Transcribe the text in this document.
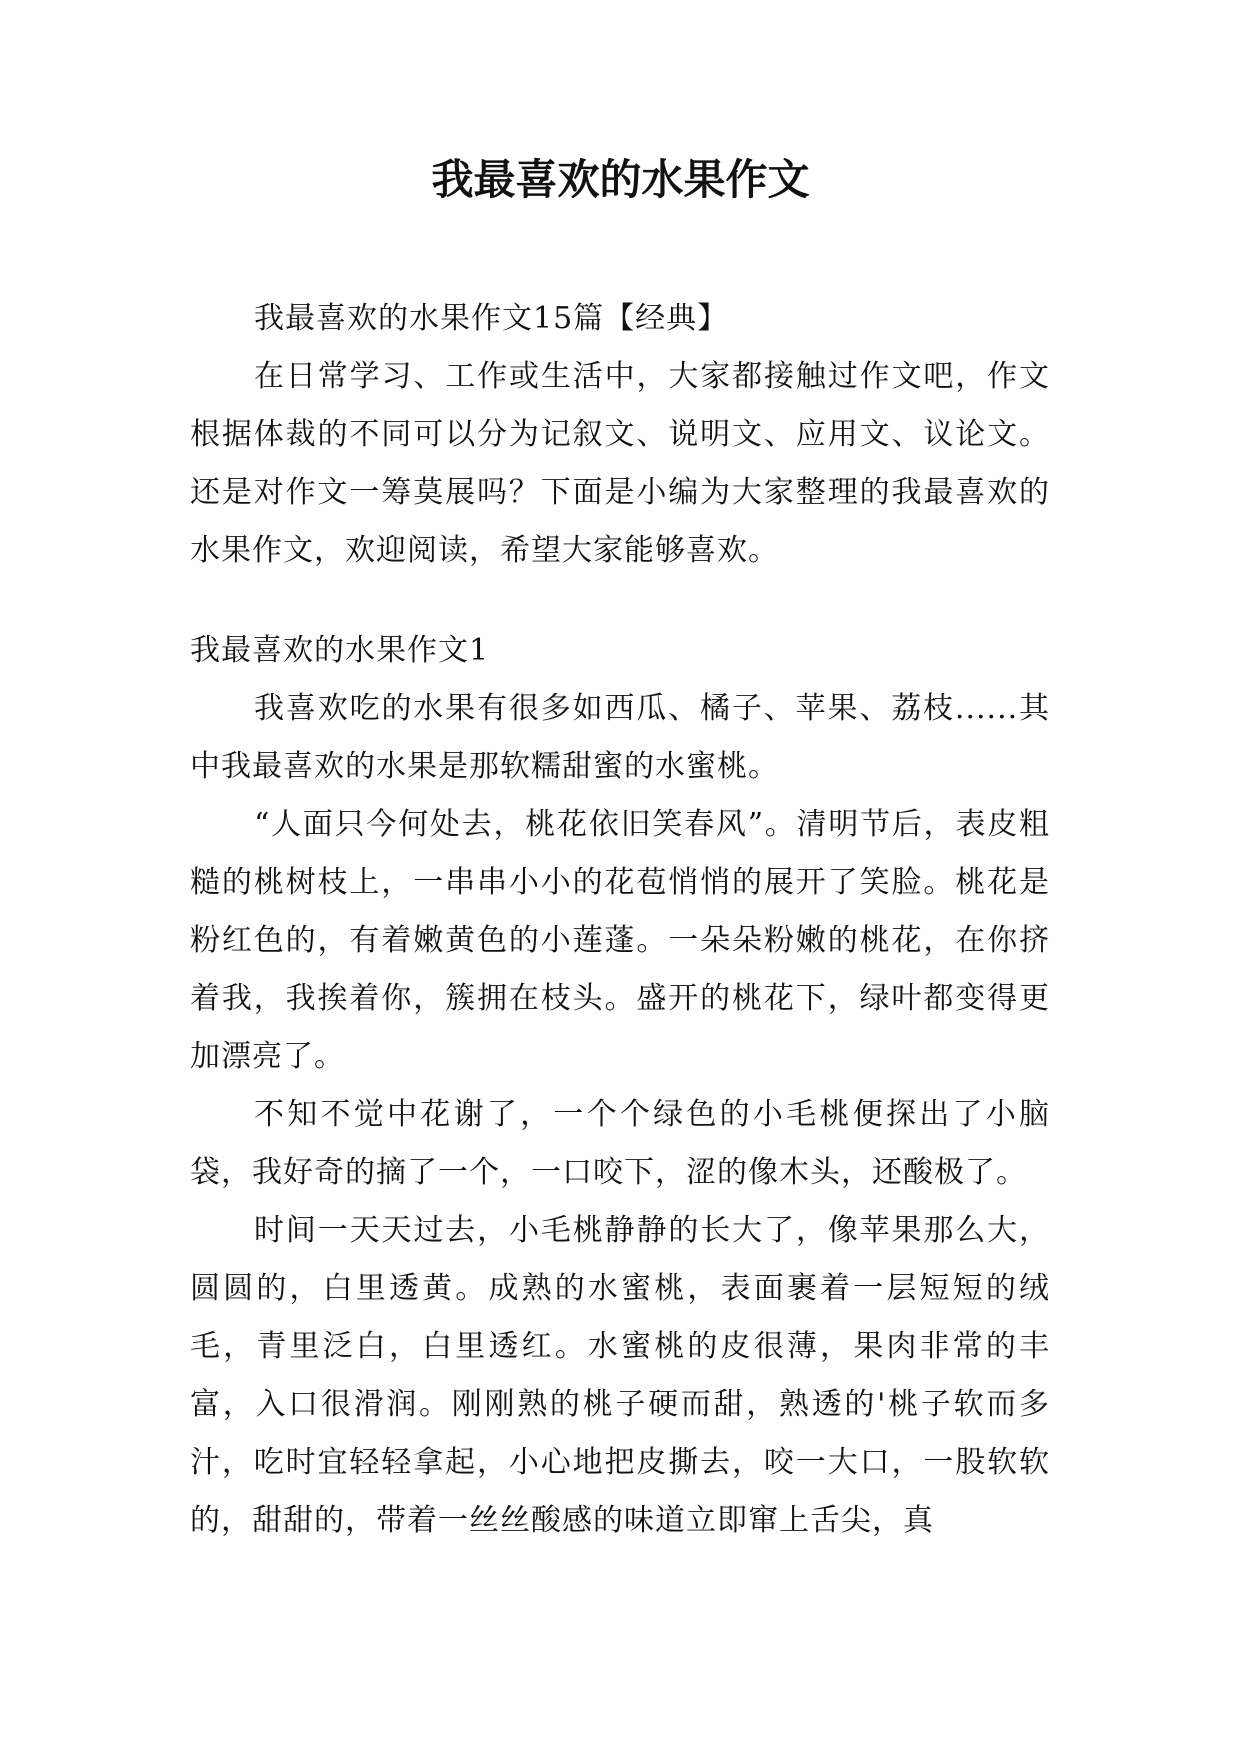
我最喜欢的水果作文

我最喜欢的水果作文15篇【经典】

在日常学习、工作或生活中，大家都接触过作文吧，作文根据体裁的不同可以分为记叙文、说明文、应用文、议论文。还是对作文一筹莫展吗？下面是小编为大家整理的我最喜欢的水果作文，欢迎阅读，希望大家能够喜欢。

我最喜欢的水果作文1

我喜欢吃的水果有很多如西瓜、橘子、苹果、荔枝......其中我最喜欢的水果是那软糯甜蜜的水蜜桃。

“人面只今何处去，桃花依旧笑春风”。清明节后，表皮粗糙的桃树枝上，一串串小小的花苞悄悄的展开了笑脸。桃花是粉红色的，有着嫩黄色的小莲蓬。一朵朵粉嫩的桃花，在你挤着我，我挨着你，簇拥在枝头。盛开的桃花下，绿叶都变得更加漂亮了。

不知不觉中花谢了，一个个绿色的小毛桃便探出了小脑袋，我好奇的摘了一个，一口咬下，涩的像木头，还酸极了。

时间一天天过去，小毛桃静静的长大了，像苹果那么大，圆圆的，白里透黄。成熟的水蜜桃，表面裹着一层短短的绒毛，青里泛白，白里透红。水蜜桃的皮很薄，果肉非常的丰富，入口很滑润。刚刚熟的桃子硬而甜，熟透的'桃子软而多汁，吃时宜轻轻拿起，小心地把皮撕去，咬一大口，一股软软的，甜甜的，带着一丝丝酸感的味道立即窜上舌尖，真
